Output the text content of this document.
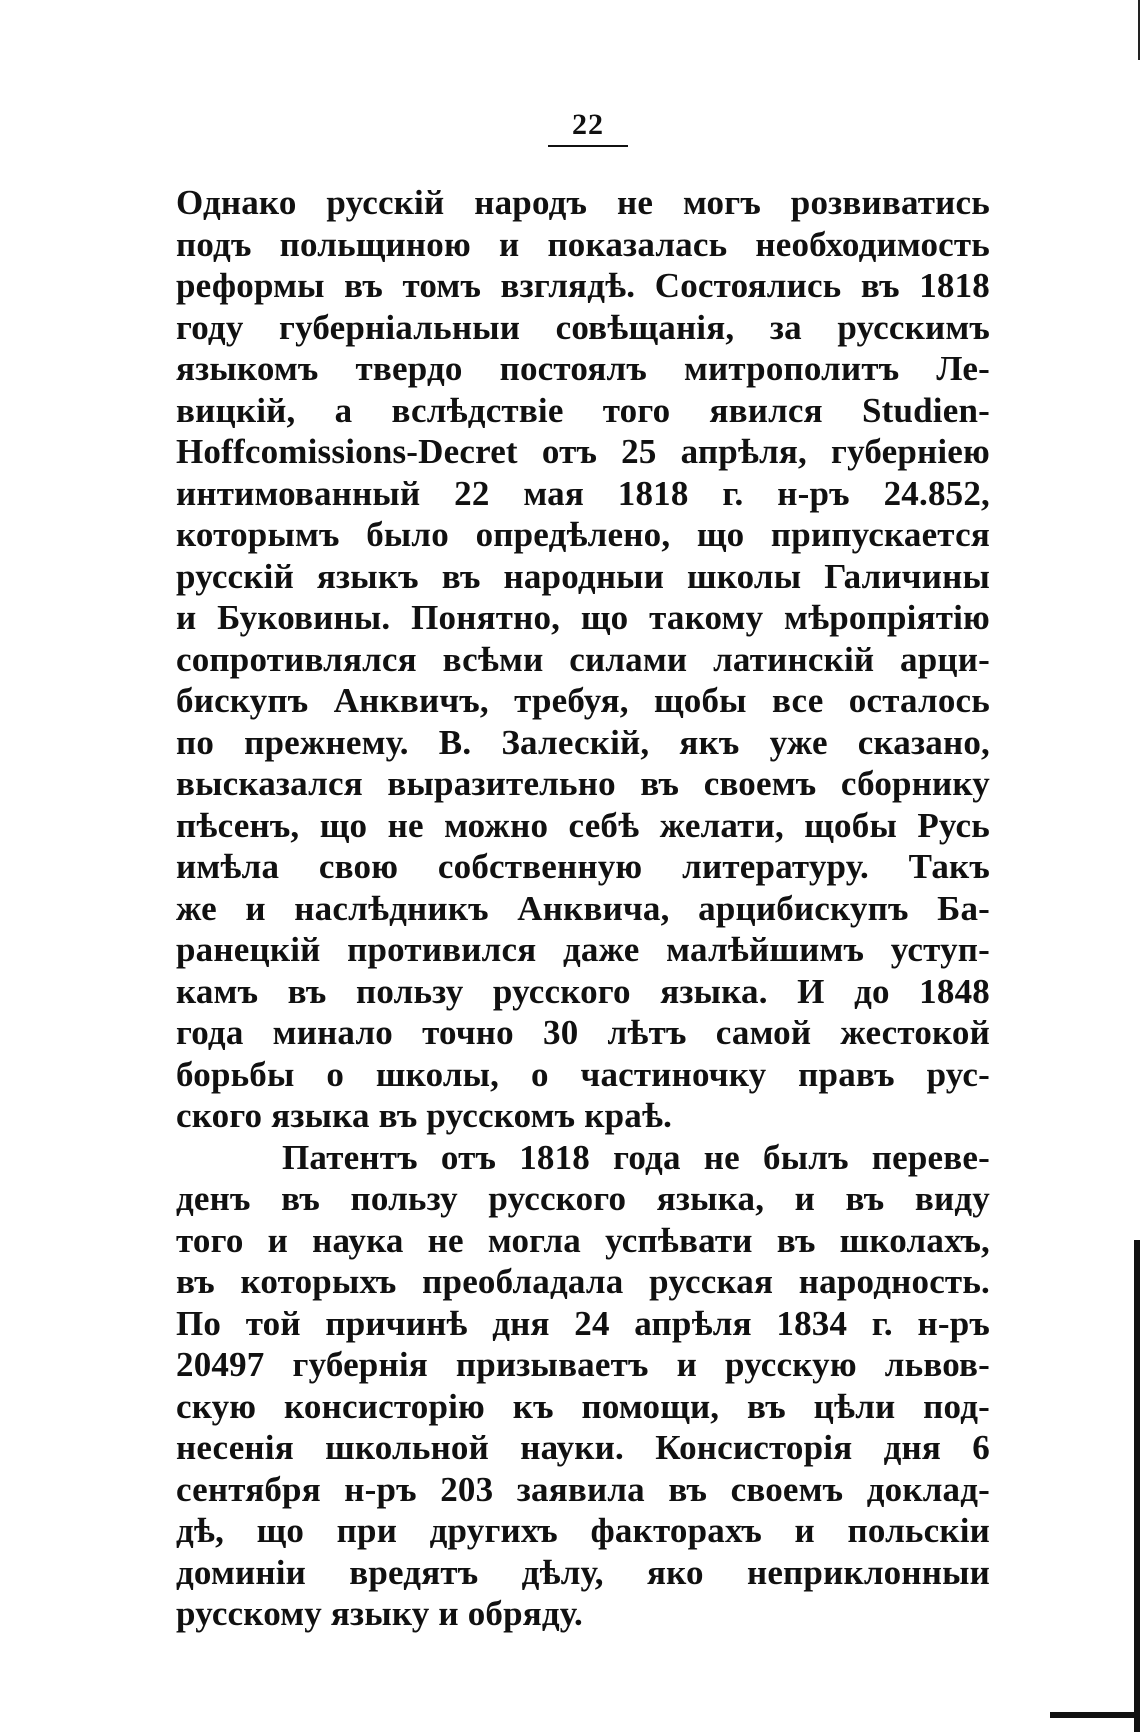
22
Однако русскій народъ не могъ розвиватись
подъ польщиною и показалась необходимость
реформы въ томъ взглядѣ. Состоялись въ 1818
году губерніальныи совѣщанія, за русскимъ
языкомъ твердо постоялъ митрополитъ Ле-
вицкій, а вслѣдствіе того явился Studien-
Hoffcomissions-Decret отъ 25 апрѣля, губерніею
интимованный 22 мая 1818 г. н-ръ 24.852,
которымъ было опредѣлено, що припускается
русскій языкъ въ народныи школы Галичины
и Буковины. Понятно, що такому мѣропріятію
сопротивлялся всѣми силами латинскій арци-
бискупъ Анквичъ, требуя, щобы все осталось
по прежнему. В. Залескій, якъ уже сказано,
высказался выразительно въ своемъ сборнику
пѣсенъ, що не можно себѣ желати, щобы Русь
имѣла свою собственную литературу. Такъ
же и наслѣдникъ Анквича, арцибискупъ Ба-
ранецкій противился даже малѣйшимъ уступ-
камъ въ пользу русского языка. И до 1848
года минало точно 30 лѣтъ самой жестокой
борьбы о школы, о частиночку правъ рус-
ского языка въ русскомъ краѣ.
Патентъ отъ 1818 года не былъ переве-
денъ въ пользу русского языка, и въ виду
того и наука не могла успѣвати въ школахъ,
въ которыхъ преобладала русская народность.
По той причинѣ дня 24 апрѣля 1834 г. н-ръ
20497 губернія призываетъ и русскую львов-
скую консисторію къ помощи, въ цѣли под-
несенія школьной науки. Консисторія дня 6
сентября н-ръ 203 заявила въ своемъ доклад-
дѣ, що при другихъ факторахъ и польскіи
доминіи вредятъ дѣлу, яко неприклонныи
русскому языку и обряду.
